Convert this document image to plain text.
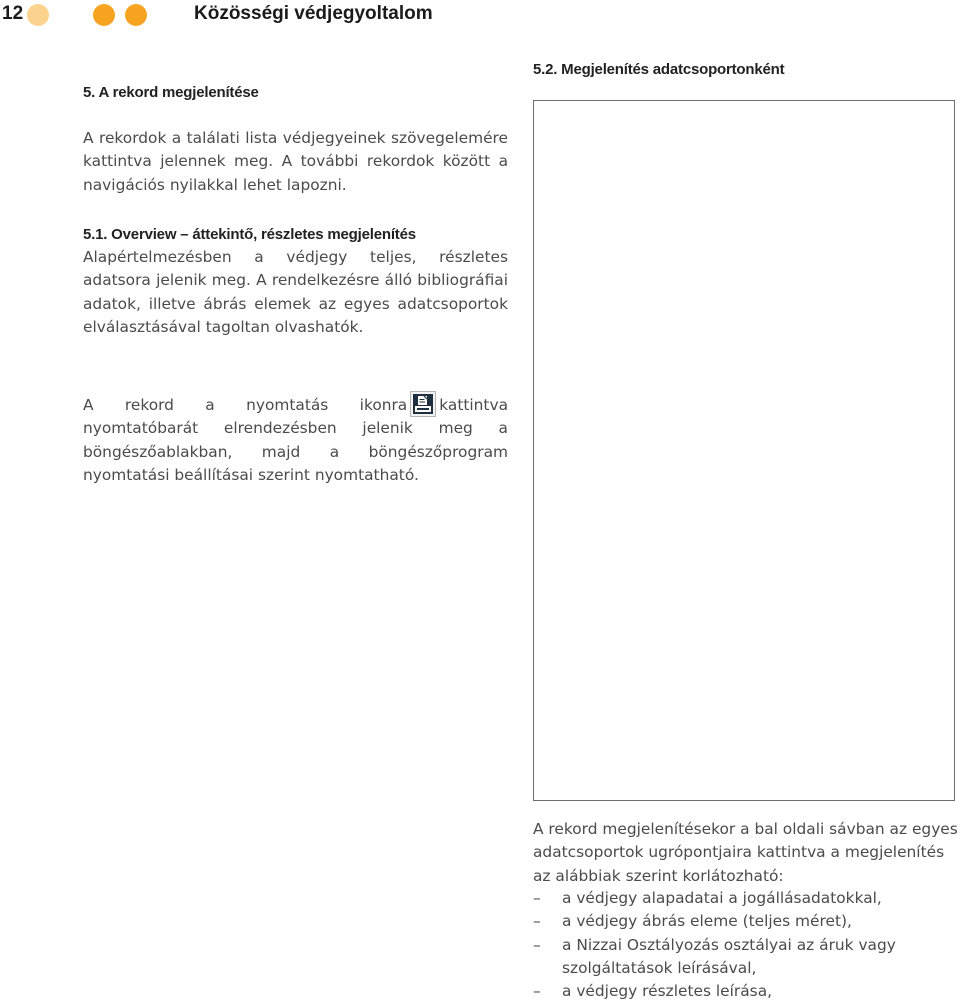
12	Közösségi védjegyoltalom
5. A rekord megjelenítése
A rekordok a találati lista védjegyeinek szövegelemére kattintva jelennek meg. A további rekordok között a navigációs nyilakkal lehet lapozni.
5.1. Overview – áttekintő, részletes megjelenítés
Alapértelmezésben a védjegy teljes, részletes adatsora jelenik meg. A rendelkezésre álló bibliográfiai adatok, illetve ábrás elemek az egyes adatcsoportok elválasztásával tagoltan olvashatók.
A rekord a nyomtatás ikonra kattintva nyomtatóbarát elrendezésben jelenik meg a böngészőablakban, majd a böngészőprogram nyomtatási beállításai szerint nyomtatható.
5.2. Megjelenítés adatcsoportonként
A rekord megjelenítésekor a bal oldali sávban az egyes adatcsoportok ugrópontjaira kattintva a megjelenítés az alábbiak szerint korlátozható:
– a védjegy alapadatai a jogállásadatokkal,
– a védjegy ábrás eleme (teljes méret),
– a Nizzai Osztályozás osztályai az áruk vagy szolgáltatások leírásával,
– a védjegy részletes leírása,
